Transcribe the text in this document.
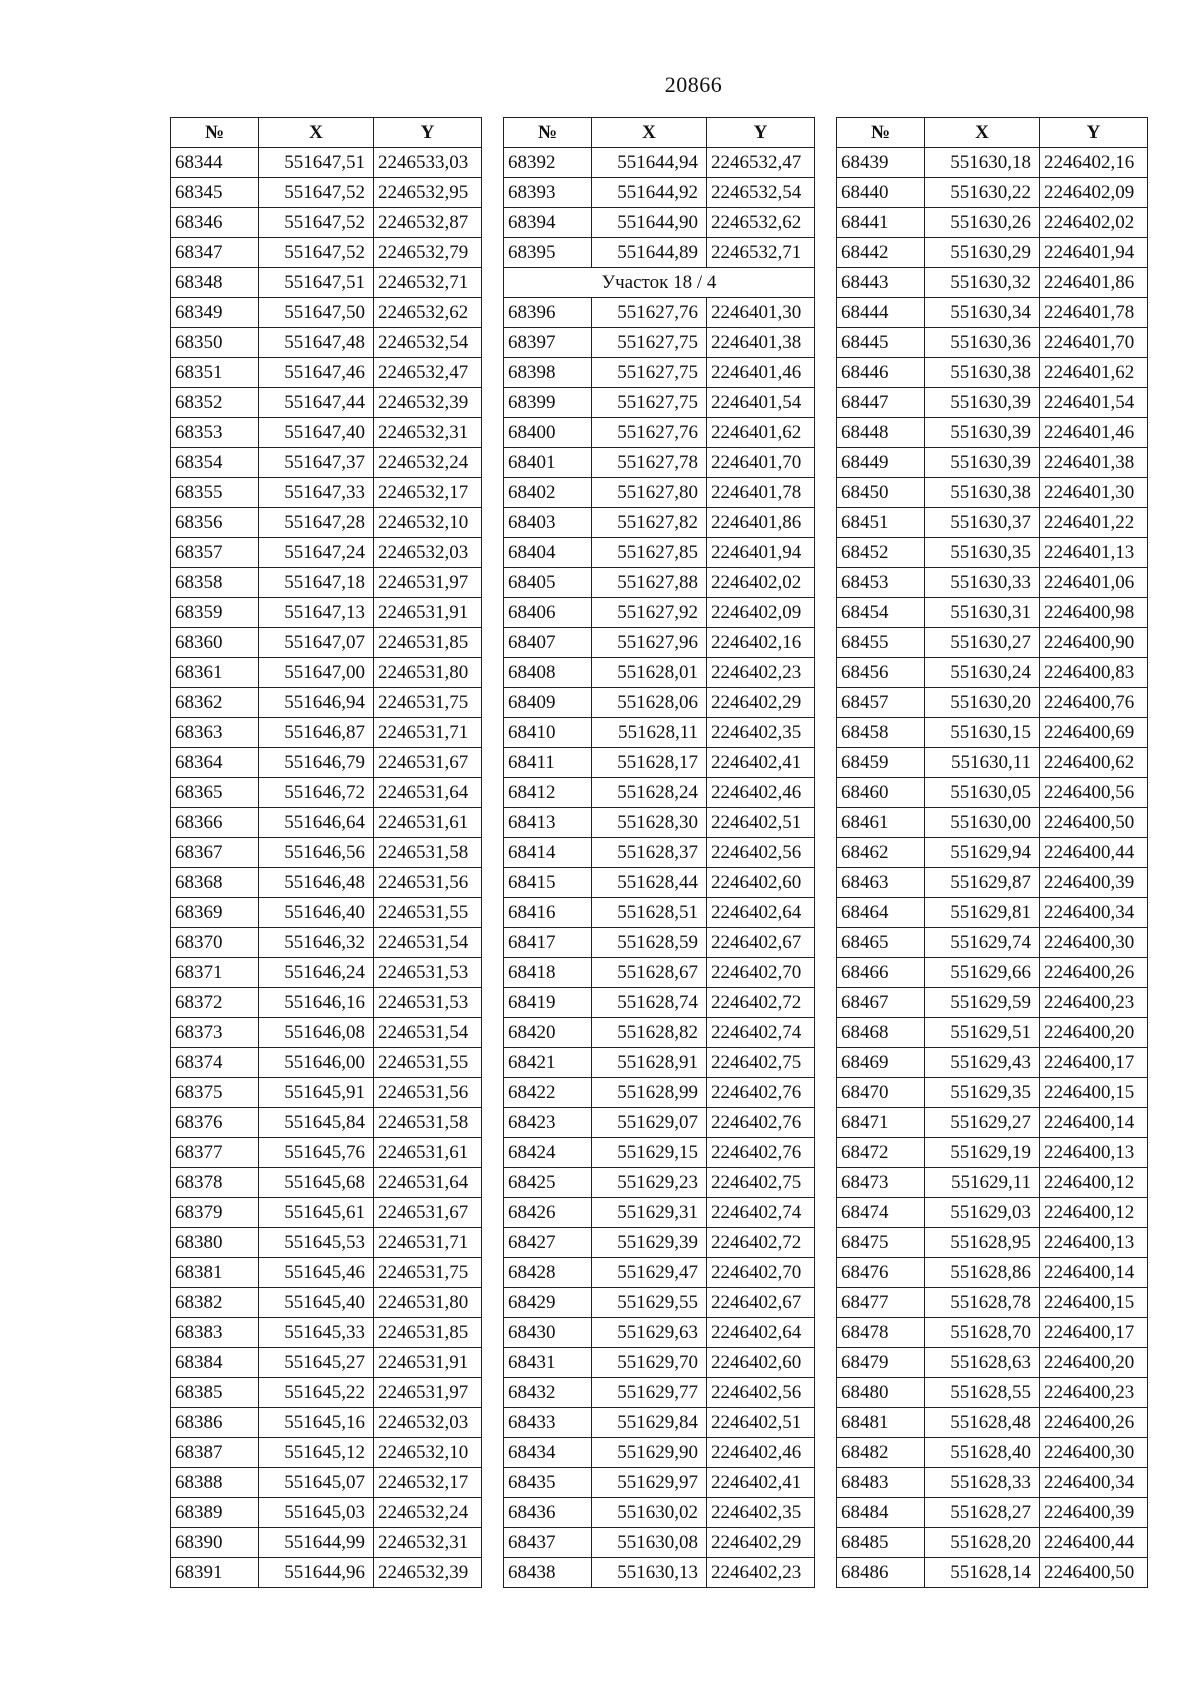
20866
№	X	Y
68344	551647,51	2246533,03
68345	551647,52	2246532,95
68346	551647,52	2246532,87
68347	551647,52	2246532,79
68348	551647,51	2246532,71
68349	551647,50	2246532,62
68350	551647,48	2246532,54
68351	551647,46	2246532,47
68352	551647,44	2246532,39
68353	551647,40	2246532,31
68354	551647,37	2246532,24
68355	551647,33	2246532,17
68356	551647,28	2246532,10
68357	551647,24	2246532,03
68358	551647,18	2246531,97
68359	551647,13	2246531,91
68360	551647,07	2246531,85
68361	551647,00	2246531,80
68362	551646,94	2246531,75
68363	551646,87	2246531,71
68364	551646,79	2246531,67
68365	551646,72	2246531,64
68366	551646,64	2246531,61
68367	551646,56	2246531,58
68368	551646,48	2246531,56
68369	551646,40	2246531,55
68370	551646,32	2246531,54
68371	551646,24	2246531,53
68372	551646,16	2246531,53
68373	551646,08	2246531,54
68374	551646,00	2246531,55
68375	551645,91	2246531,56
68376	551645,84	2246531,58
68377	551645,76	2246531,61
68378	551645,68	2246531,64
68379	551645,61	2246531,67
68380	551645,53	2246531,71
68381	551645,46	2246531,75
68382	551645,40	2246531,80
68383	551645,33	2246531,85
68384	551645,27	2246531,91
68385	551645,22	2246531,97
68386	551645,16	2246532,03
68387	551645,12	2246532,10
68388	551645,07	2246532,17
68389	551645,03	2246532,24
68390	551644,99	2246532,31
68391	551644,96	2246532,39
№	X	Y
68392	551644,94	2246532,47
68393	551644,92	2246532,54
68394	551644,90	2246532,62
68395	551644,89	2246532,71
Участок 18 / 4		
68396	551627,76	2246401,30
68397	551627,75	2246401,38
68398	551627,75	2246401,46
68399	551627,75	2246401,54
68400	551627,76	2246401,62
68401	551627,78	2246401,70
68402	551627,80	2246401,78
68403	551627,82	2246401,86
68404	551627,85	2246401,94
68405	551627,88	2246402,02
68406	551627,92	2246402,09
68407	551627,96	2246402,16
68408	551628,01	2246402,23
68409	551628,06	2246402,29
68410	551628,11	2246402,35
68411	551628,17	2246402,41
68412	551628,24	2246402,46
68413	551628,30	2246402,51
68414	551628,37	2246402,56
68415	551628,44	2246402,60
68416	551628,51	2246402,64
68417	551628,59	2246402,67
68418	551628,67	2246402,70
68419	551628,74	2246402,72
68420	551628,82	2246402,74
68421	551628,91	2246402,75
68422	551628,99	2246402,76
68423	551629,07	2246402,76
68424	551629,15	2246402,76
68425	551629,23	2246402,75
68426	551629,31	2246402,74
68427	551629,39	2246402,72
68428	551629,47	2246402,70
68429	551629,55	2246402,67
68430	551629,63	2246402,64
68431	551629,70	2246402,60
68432	551629,77	2246402,56
68433	551629,84	2246402,51
68434	551629,90	2246402,46
68435	551629,97	2246402,41
68436	551630,02	2246402,35
68437	551630,08	2246402,29
68438	551630,13	2246402,23
№	X	Y
68439	551630,18	2246402,16
68440	551630,22	2246402,09
68441	551630,26	2246402,02
68442	551630,29	2246401,94
68443	551630,32	2246401,86
68444	551630,34	2246401,78
68445	551630,36	2246401,70
68446	551630,38	2246401,62
68447	551630,39	2246401,54
68448	551630,39	2246401,46
68449	551630,39	2246401,38
68450	551630,38	2246401,30
68451	551630,37	2246401,22
68452	551630,35	2246401,13
68453	551630,33	2246401,06
68454	551630,31	2246400,98
68455	551630,27	2246400,90
68456	551630,24	2246400,83
68457	551630,20	2246400,76
68458	551630,15	2246400,69
68459	551630,11	2246400,62
68460	551630,05	2246400,56
68461	551630,00	2246400,50
68462	551629,94	2246400,44
68463	551629,87	2246400,39
68464	551629,81	2246400,34
68465	551629,74	2246400,30
68466	551629,66	2246400,26
68467	551629,59	2246400,23
68468	551629,51	2246400,20
68469	551629,43	2246400,17
68470	551629,35	2246400,15
68471	551629,27	2246400,14
68472	551629,19	2246400,13
68473	551629,11	2246400,12
68474	551629,03	2246400,12
68475	551628,95	2246400,13
68476	551628,86	2246400,14
68477	551628,78	2246400,15
68478	551628,70	2246400,17
68479	551628,63	2246400,20
68480	551628,55	2246400,23
68481	551628,48	2246400,26
68482	551628,40	2246400,30
68483	551628,33	2246400,34
68484	551628,27	2246400,39
68485	551628,20	2246400,44
68486	551628,14	2246400,50
